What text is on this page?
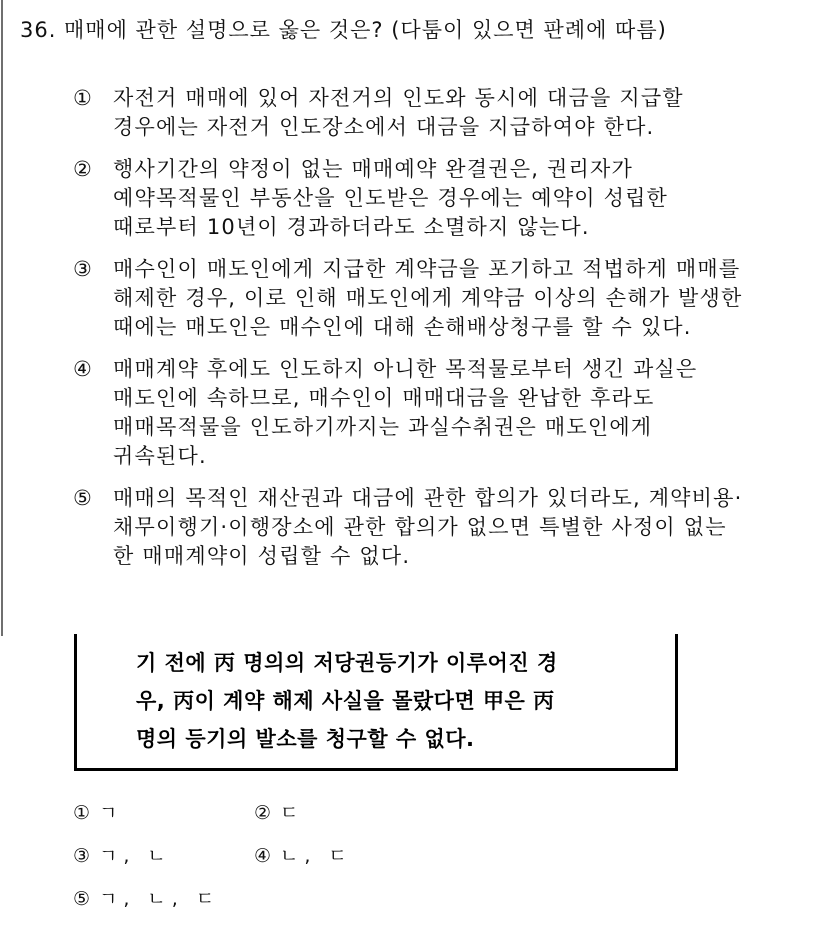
36. 매매에 관한 설명으로 옳은 것은? (다툼이 있으면 판례에 따름)
① 자전거 매매에 있어 자전거의 인도와 동시에 대금을 지급할 경우에는 자전거 인도장소에서 대금을 지급하여야 한다.
② 행사기간의 약정이 없는 매매예약 완결권은, 권리자가 예약목적물인 부동산을 인도받은 경우에는 예약이 성립한 때로부터 10년이 경과하더라도 소멸하지 않는다.
③ 매수인이 매도인에게 지급한 계약금을 포기하고 적법하게 매매를 해제한 경우, 이로 인해 매도인에게 계약금 이상의 손해가 발생한 때에는 매도인은 매수인에 대해 손해배상청구를 할 수 있다.
④ 매매계약 후에도 인도하지 아니한 목적물로부터 생긴 과실은 매도인에 속하므로, 매수인이 매매대금을 완납한 후라도 매매목적물을 인도하기까지는 과실수취권은 매도인에게 귀속된다.
⑤ 매매의 목적인 재산권과 대금에 관한 합의가 있더라도, 계약비용·채무이행기·이행장소에 관한 합의가 없으면 특별한 사정이 없는 한 매매계약이 성립할 수 없다.
기 전에 丙 명의의 저당권등기가 이루어진 경
우, 丙이 계약 해제 사실을 몰랐다면 甲은 丙
명의 등기의 발소를 청구할 수 없다.
① ㄱ	② ㄷ
③ ㄱ, ㄴ	④ ㄴ, ㄷ
⑤ ㄱ, ㄴ, ㄷ
